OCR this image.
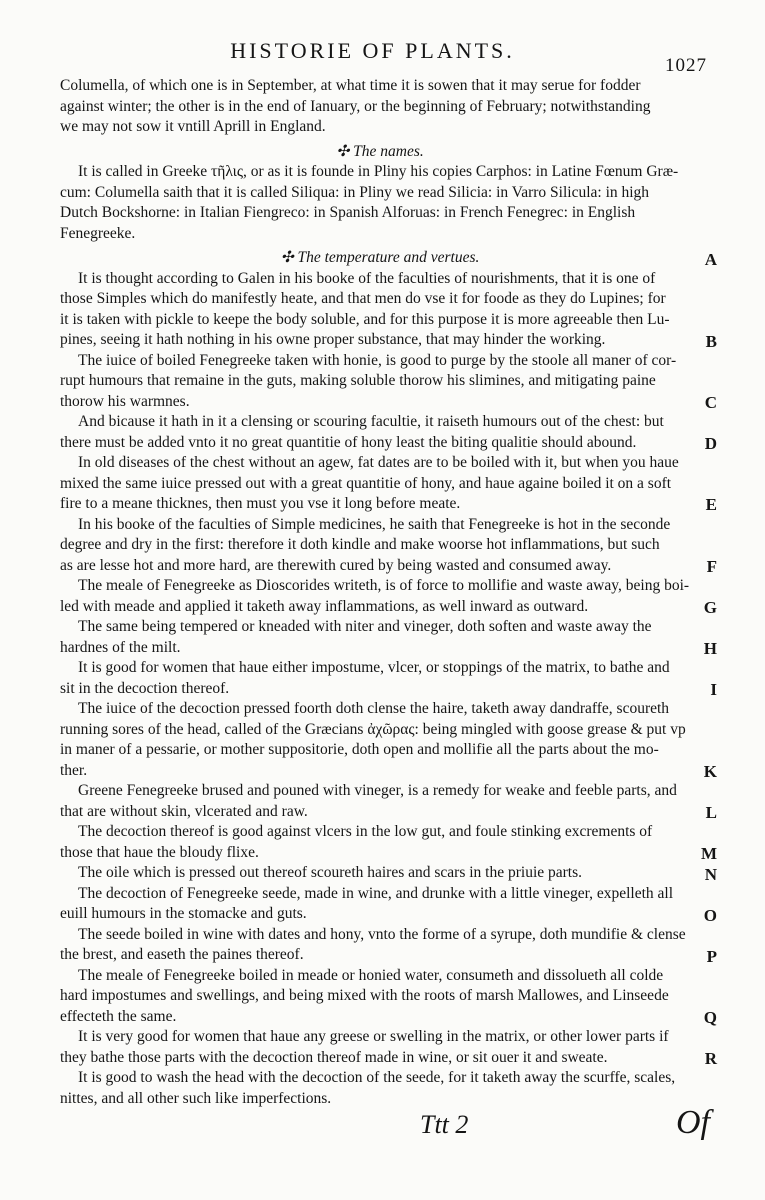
HISTORIE OF PLANTS.
1027
Columella, of which one is in September, at what time it is sowen that it may serue for fodder
against winter; the other is in the end of Ianuary, or the beginning of February; notwithstanding
we may not sow it vntill Aprill in England.
✣ The names.
It is called in Greeke τῆλις, or as it is founde in Pliny his copies Carphos: in Latine Fœnum Græ-
cum: Columella saith that it is called Siliqua: in Pliny we read Silicia: in Varro Silicula: in high
Dutch Bockshorne: in Italian Fiengreco: in Spanish Alforuas: in French Fenegrec: in English
Fenegreeke.
✣ The temperature and vertues.
It is thought according to Galen in his booke of the faculties of nourishments, that it is one of
those Simples which do manifestly heate, and that men do vse it for foode as they do Lupines; for
it is taken with pickle to keepe the body soluble, and for this purpose it is more agreeable then Lu-
pines, seeing it hath nothing in his owne proper substance, that may hinder the working.
The iuice of boiled Fenegreeke taken with honie, is good to purge by the stoole all maner of cor-
rupt humours that remaine in the guts, making soluble thorow his slimines, and mitigating paine
thorow his warmnes.
And bicause it hath in it a clensing or scouring facultie, it raiseth humours out of the chest: but
there must be added vnto it no great quantitie of hony least the biting qualitie should abound.
In old diseases of the chest without an agew, fat dates are to be boiled with it, but when you haue
mixed the same iuice pressed out with a great quantitie of hony, and haue againe boiled it on a soft
fire to a meane thicknes, then must you vse it long before meate.
In his booke of the faculties of Simple medicines, he saith that Fenegreeke is hot in the seconde
degree and dry in the first: therefore it doth kindle and make woorse hot inflammations, but such
as are lesse hot and more hard, are therewith cured by being wasted and consumed away.
The meale of Fenegreeke as Dioscorides writeth, is of force to mollifie and waste away, being boi-
led with meade and applied it taketh away inflammations, as well inward as outward.
The same being tempered or kneaded with niter and vineger, doth soften and waste away the
hardnes of the milt.
It is good for women that haue either impostume, vlcer, or stoppings of the matrix, to bathe and
sit in the decoction thereof.
The iuice of the decoction pressed foorth doth clense the haire, taketh away dandraffe, scoureth
running sores of the head, called of the Græcians ἀχῶρας: being mingled with goose grease & put vp
in maner of a pessarie, or mother suppositorie, doth open and mollifie all the parts about the mo-
ther.
Greene Fenegreeke brused and pouned with vineger, is a remedy for weake and feeble parts, and
that are without skin, vlcerated and raw.
The decoction thereof is good against vlcers in the low gut, and foule stinking excrements of
those that haue the bloudy flixe.
The oile which is pressed out thereof scoureth haires and scars in the priuie parts.
The decoction of Fenegreeke seede, made in wine, and drunke with a little vineger, expelleth all
euill humours in the stomacke and guts.
The seede boiled in wine with dates and hony, vnto the forme of a syrupe, doth mundifie & clense
the brest, and easeth the paines thereof.
The meale of Fenegreeke boiled in meade or honied water, consumeth and dissolueth all colde
hard impostumes and swellings, and being mixed with the roots of marsh Mallowes, and Linseede
effecteth the same.
It is very good for women that haue any greese or swelling in the matrix, or other lower parts if
they bathe those parts with the decoction thereof made in wine, or sit ouer it and sweate.
It is good to wash the head with the decoction of the seede, for it taketh away the scurffe, scales,
nittes, and all other such like imperfections.
A
B
C
D
E
F
G
H
I
K
L
M
N
O
P
Q
R
Ttt 2	Of
